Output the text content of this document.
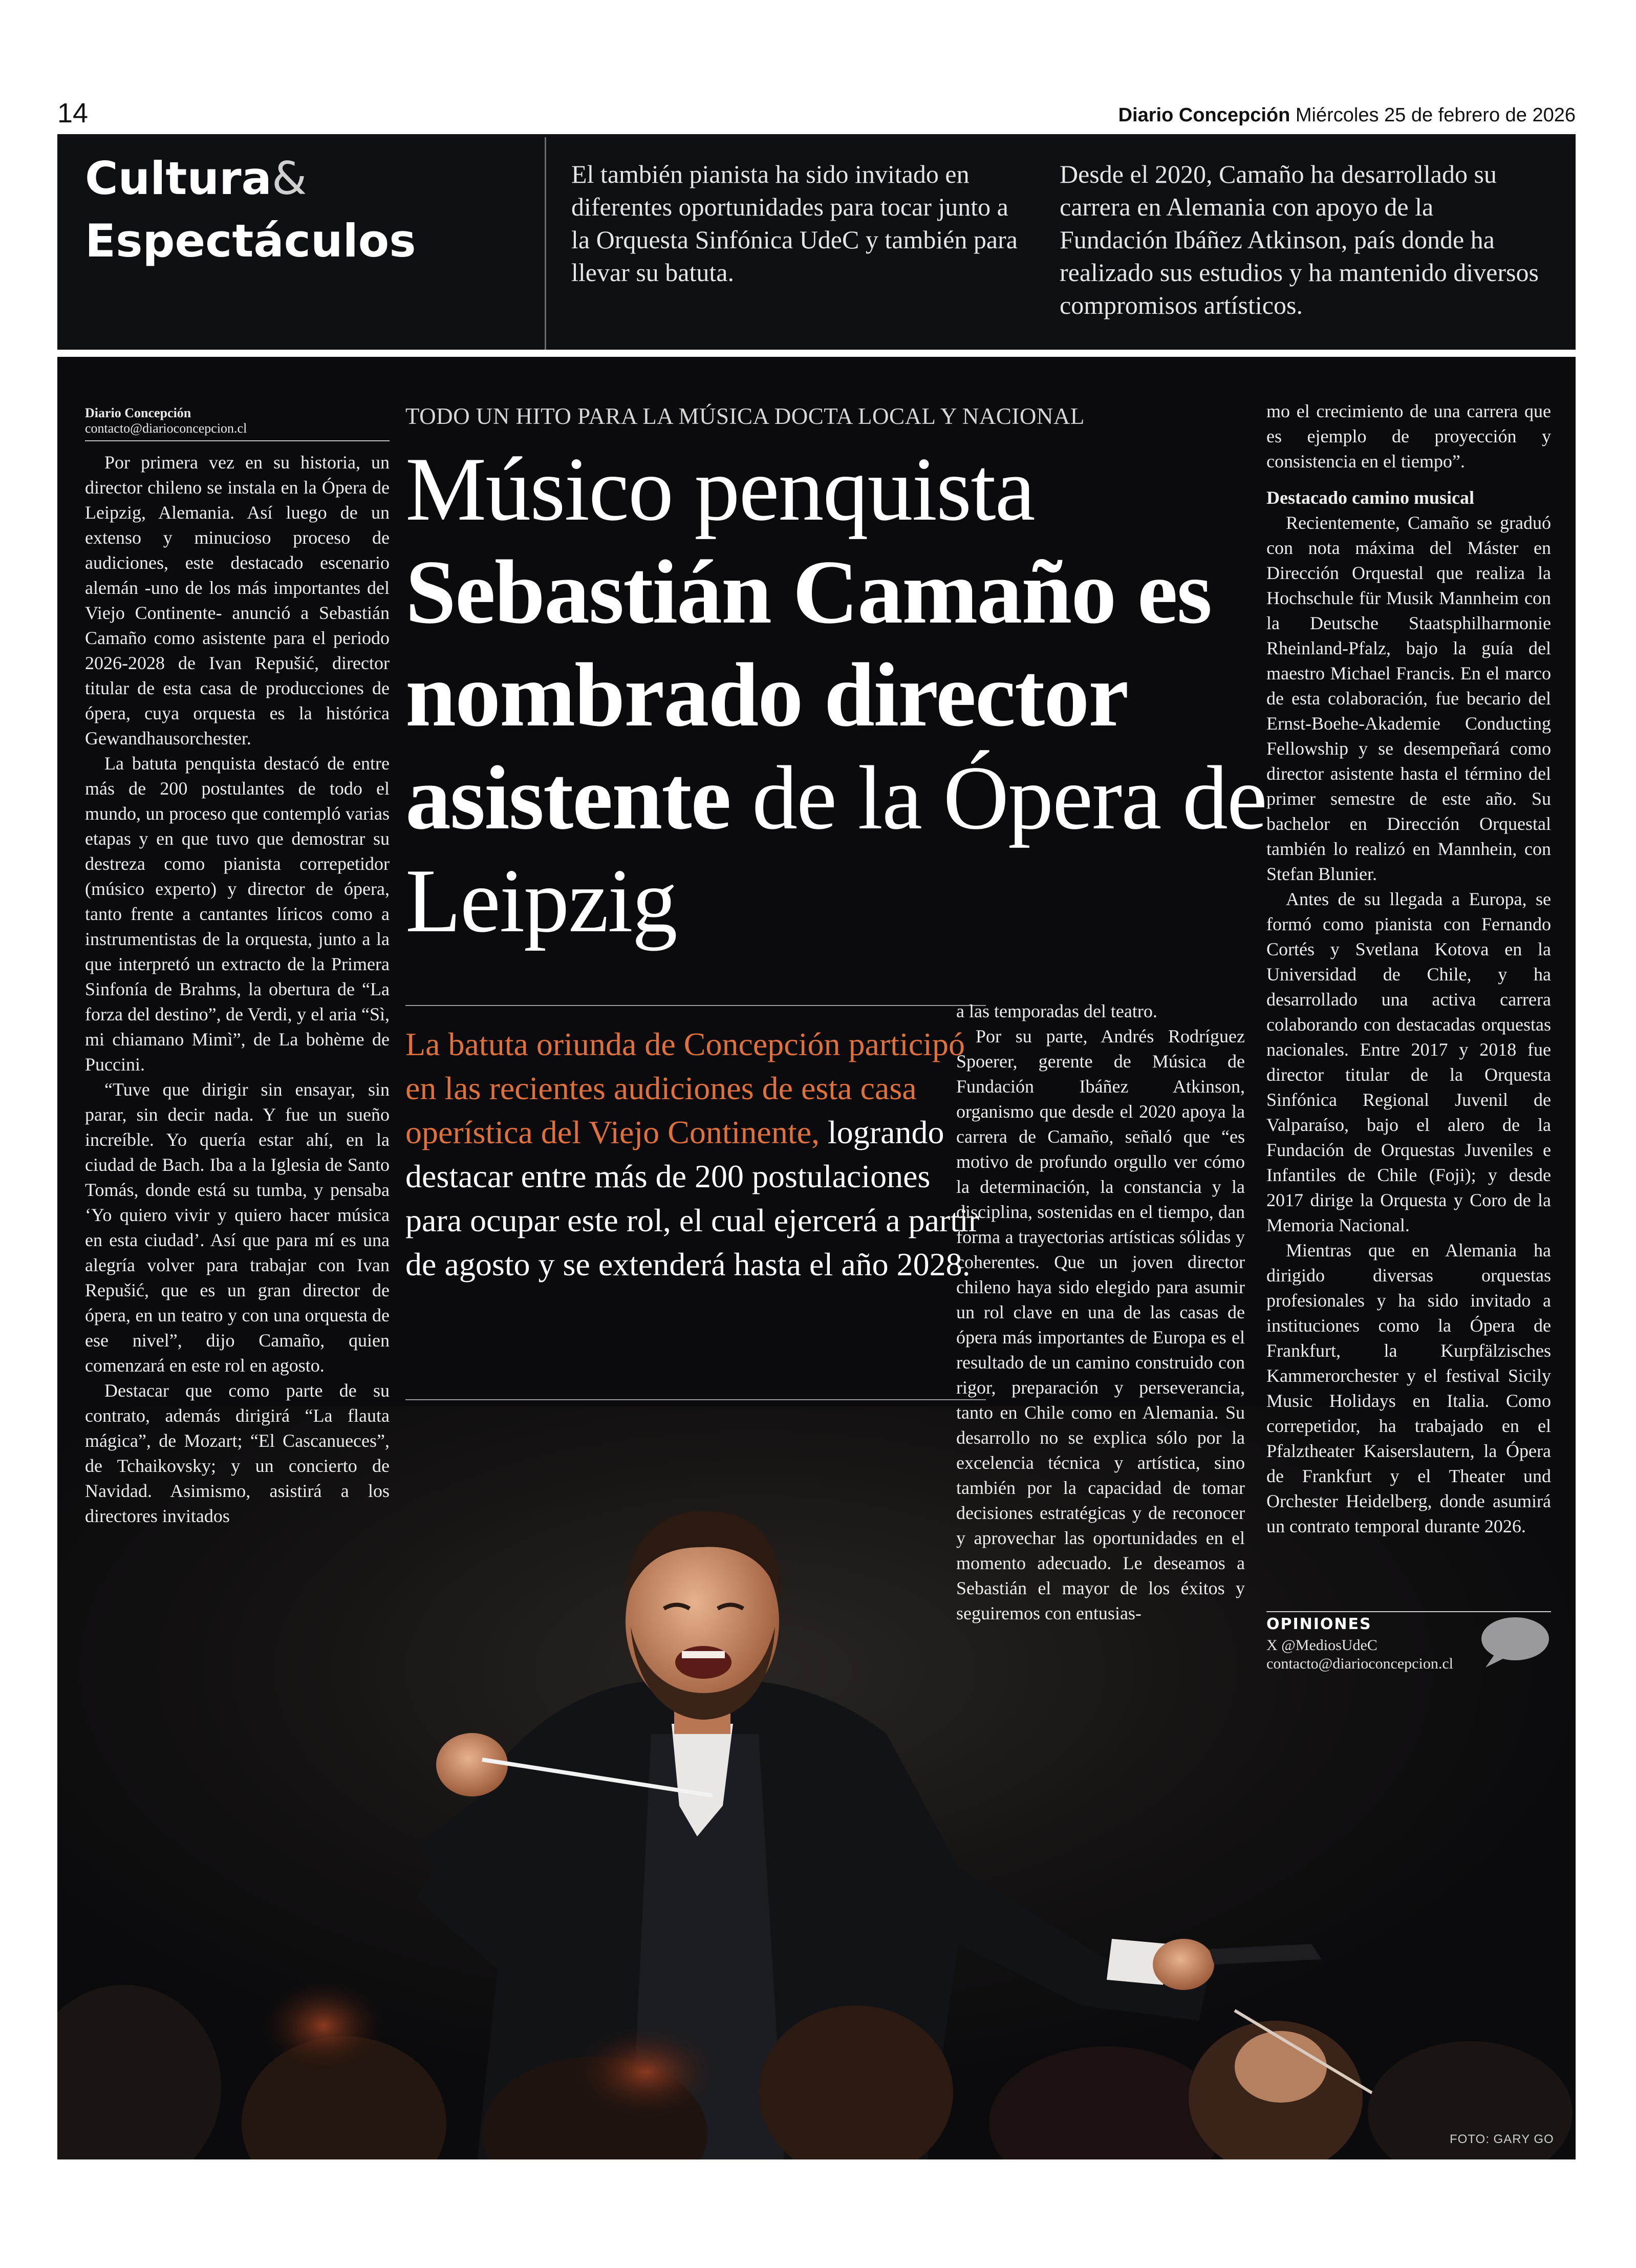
14	Diario Concepción Miércoles 25 de febrero de 2026
Cultura&
Espectáculos
El también pianista ha sido invitado en diferentes oportunidades para tocar junto a la Orquesta Sinfónica UdeC y también para llevar su batuta.
Desde el 2020, Camaño ha desarrollado su carrera en Alemania con apoyo de la Fundación Ibáñez Atkinson, país donde ha realizado sus estudios y ha mantenido diversos compromisos artísticos.
Diario Concepción
contacto@diarioconcepcion.cl

Por primera vez en su historia, un director chileno se instala en la Ópera de Leipzig, Alemania. Así luego de un extenso y minucioso proceso de audiciones, este destacado escenario alemán -uno de los más importantes del Viejo Continente- anunció a Sebastián Camaño como asistente para el periodo 2026-2028 de Ivan Repušić, director titular de esta casa de producciones de ópera, cuya orquesta es la histórica Gewandhausorchester.

La batuta penquista destacó de entre más de 200 postulantes de todo el mundo, un proceso que contempló varias etapas y en que tuvo que demostrar su destreza como pianista correpetidor (músico experto) y director de ópera, tanto frente a cantantes líricos como a instrumentistas de la orquesta, junto a la que interpretó un extracto de la Primera Sinfonía de Brahms, la obertura de “La forza del destino”, de Verdi, y el aria “Sì, mi chiamano Mimì”, de La bohème de Puccini.

“Tuve que dirigir sin ensayar, sin parar, sin decir nada. Y fue un sueño increíble. Yo quería estar ahí, en la ciudad de Bach. Iba a la Iglesia de Santo Tomás, donde está su tumba, y pensaba ‘Yo quiero vivir y quiero hacer música en esta ciudad’. Así que para mí es una alegría volver para trabajar con Ivan Repušić, que es un gran director de ópera, en un teatro y con una orquesta de ese nivel”, dijo Camaño, quien comenzará en este rol en agosto.

Destacar que como parte de su contrato, además dirigirá “La flauta mágica”, de Mozart; “El Cascanueces”, de Tchaikovsky; y un concierto de Navidad. Asimismo, asistirá a los directores invitados

TODO UN HITO PARA LA MÚSICA DOCTA LOCAL Y NACIONAL
Músico penquista
Sebastián Camaño es nombrado director asistente de la Ópera de Leipzig
La batuta oriunda de Concepción participó en las recientes audiciones de esta casa operística del Viejo Continente, logrando destacar entre más de 200 postulaciones para ocupar este rol, el cual ejercerá a partir de agosto y se extenderá hasta el año 2028.

a las temporadas del teatro.

Por su parte, Andrés Rodríguez Spoerer, gerente de Música de Fundación Ibáñez Atkinson, organismo que desde el 2020 apoya la carrera de Camaño, señaló que “es motivo de profundo orgullo ver cómo la determinación, la constancia y la disciplina, sostenidas en el tiempo, dan forma a trayectorias artísticas sólidas y coherentes. Que un joven director chileno haya sido elegido para asumir un rol clave en una de las casas de ópera más importantes de Europa es el resultado de un camino construido con rigor, preparación y perseverancia, tanto en Chile como en Alemania. Su desarrollo no se explica sólo por la excelencia técnica y artística, sino también por la capacidad de tomar decisiones estratégicas y de reconocer y aprovechar las oportunidades en el momento adecuado. Le deseamos a Sebastián el mayor de los éxitos y seguiremos con entusias-

mo el crecimiento de una carrera que es ejemplo de proyección y consistencia en el tiempo”.

Destacado camino musical

Recientemente, Camaño se graduó con nota máxima del Máster en Dirección Orquestal que realiza la Hochschule für Musik Mannheim con la Deutsche Staatsphilharmonie Rheinland-Pfalz, bajo la guía del maestro Michael Francis. En el marco de esta colaboración, fue becario del Ernst-Boehe-Akademie Conducting Fellowship y se desempeñará como director asistente hasta el término del primer semestre de este año. Su bachelor en Dirección Orquestal también lo realizó en Mannhein, con Stefan Blunier.

Antes de su llegada a Europa, se formó como pianista con Fernando Cortés y Svetlana Kotova en la Universidad de Chile, y ha desarrollado una activa carrera colaborando con destacadas orquestas nacionales. Entre 2017 y 2018 fue director titular de la Orquesta Sinfónica Regional Juvenil de Valparaíso, bajo el alero de la Fundación de Orquestas Juveniles e Infantiles de Chile (Foji); y desde 2017 dirige la Orquesta y Coro de la Memoria Nacional.

Mientras que en Alemania ha dirigido diversas orquestas profesionales y ha sido invitado a instituciones como la Ópera de Frankfurt, la Kurpfälzisches Kammerorchester y el festival Sicily Music Holidays en Italia. Como correpetidor, ha trabajado en el Pfalztheater Kaiserslautern, la Ópera de Frankfurt y el Theater und Orchester Heidelberg, donde asumirá un contrato temporal durante 2026.

OPINIONES
X @MediosUdeC
contacto@diarioconcepcion.cl
FOTO: GARY GO
